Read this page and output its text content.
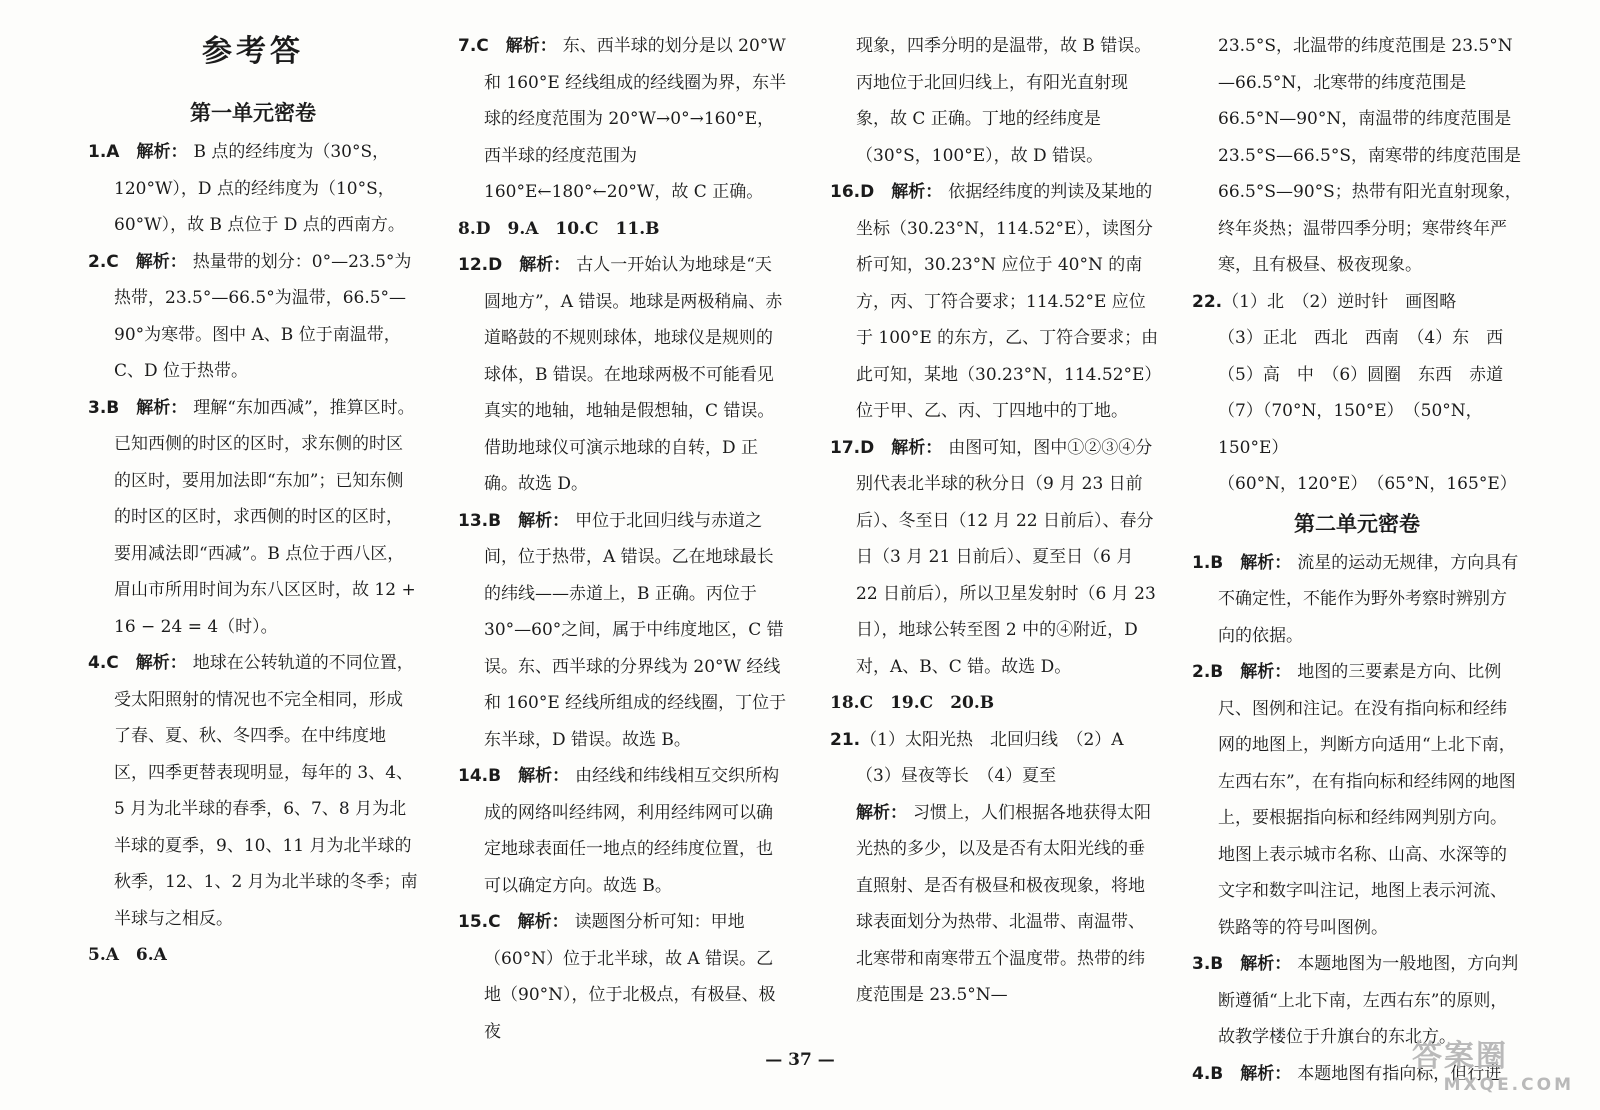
参考答
第一单元密卷

1.A　 解析： B 点的经纬度为（30°S，120°W），D 点的经纬度为（10°S，60°W），故 B 点位于 D 点的西南方。

2.C　 解析： 热量带的划分：0°—23.5°为热带，23.5°—66.5°为温带，66.5°—90°为寒带。图中 A、B 位于南温带，C、D 位于热带。

3.B　 解析： 理解“东加西减”，推算区时。已知西侧的时区的区时，求东侧的时区的区时，要用加法即“东加”；已知东侧的时区的区时，求西侧的时区的区时，要用减法即“西减”。B 点位于西八区，眉山市所用时间为东八区区时，故 12 + 16 − 24 = 4（时）。

4.C　 解析： 地球在公转轨道的不同位置，受太阳照射的情况也不完全相同，形成了春、夏、秋、冬四季。在中纬度地区，四季更替表现明显，每年的 3、4、5 月为北半球的春季，6、7、8 月为北半球的夏季，9、10、11 月为北半球的秋季，12、1、2 月为北半球的冬季；南半球与之相反。

5.A　6.A

7.C　 解析： 东、西半球的划分是以 20°W 和 160°E 经线组成的经线圈为界，东半球的经度范围为 20°W→0°→160°E，西半球的经度范围为 160°E←180°←20°W，故 C 正确。

8.D　9.A　10.C　11.B

12.D　 解析： 古人一开始认为地球是“天圆地方”，A 错误。地球是两极稍扁、赤道略鼓的不规则球体，地球仪是规则的球体，B 错误。在地球两极不可能看见真实的地轴，地轴是假想轴，C 错误。借助地球仪可演示地球的自转，D 正确。故选 D。

13.B　 解析： 甲位于北回归线与赤道之间，位于热带，A 错误。乙在地球最长的纬线——赤道上，B 正确。丙位于 30°—60°之间，属于中纬度地区，C 错误。东、西半球的分界线为 20°W 经线和 160°E 经线所组成的经线圈，丁位于东半球，D 错误。故选 B。

14.B　 解析： 由经线和纬线相互交织所构成的网络叫经纬网，利用经纬网可以确定地球表面任一地点的经纬度位置，也可以确定方向。故选 B。

15.C　 解析： 读题图分析可知：甲地（60°N）位于北半球，故 A 错误。乙地（90°N），位于北极点，有极昼、极夜

现象，四季分明的是温带，故 B 错误。丙地位于北回归线上，有阳光直射现象，故 C 正确。丁地的经纬度是（30°S，100°E），故 D 错误。

16.D　 解析： 依据经纬度的判读及某地的坐标（30.23°N，114.52°E），读图分析可知，30.23°N 应位于 40°N 的南方，丙、丁符合要求；114.52°E 应位于 100°E 的东方，乙、丁符合要求；由此可知，某地（30.23°N，114.52°E）位于甲、乙、丙、丁四地中的丁地。

17.D　 解析： 由图可知，图中①②③④分别代表北半球的秋分日（9 月 23 日前后）、冬至日（12 月 22 日前后）、春分日（3 月 21 日前后）、夏至日（6 月 22 日前后），所以卫星发射时（6 月 23 日），地球公转至图 2 中的④附近，D 对，A、B、C 错。故选 D。

18.C　19.C　20.B

21.（1）太阳光热　北回归线　（2）A

（3）昼夜等长　（4）夏至

解析： 习惯上，人们根据各地获得太阳光热的多少，以及是否有太阳光线的垂直照射、是否有极昼和极夜现象，将地球表面划分为热带、北温带、南温带、北寒带和南寒带五个温度带。热带的纬度范围是 23.5°N—

23.5°S，北温带的纬度范围是 23.5°N—66.5°N，北寒带的纬度范围是66.5°N—90°N，南温带的纬度范围是 23.5°S—66.5°S，南寒带的纬度范围是 66.5°S—90°S；热带有阳光直射现象，终年炎热；温带四季分明；寒带终年严寒，且有极昼、极夜现象。

22.（1）北　（2）逆时针　画图略

（3）正北　西北　西南　（4）东　西

（5）高　中　（6）圆圈　东西　赤道

（7）（70°N，150°E）　（50°N，150°E）

（60°N，120°E）　（65°N，165°E）

第二单元密卷

1.B　 解析： 流星的运动无规律，方向具有不确定性，不能作为野外考察时辨别方向的依据。

2.B　 解析： 地图的三要素是方向、比例尺、图例和注记。在没有指向标和经纬网的地图上，判断方向适用“上北下南，左西右东”，在有指向标和经纬网的地图上，要根据指向标和经纬网判别方向。地图上表示城市名称、山高、水深等的文字和数字叫注记，地图上表示河流、铁路等的符号叫图例。

3.B　 解析： 本题地图为一般地图，方向判断遵循“上北下南，左西右东”的原则，故教学楼位于升旗台的东北方。

4.B　 解析： 本题地图有指向标，但行进

— 37 —	答案圈
MXQE.COM
